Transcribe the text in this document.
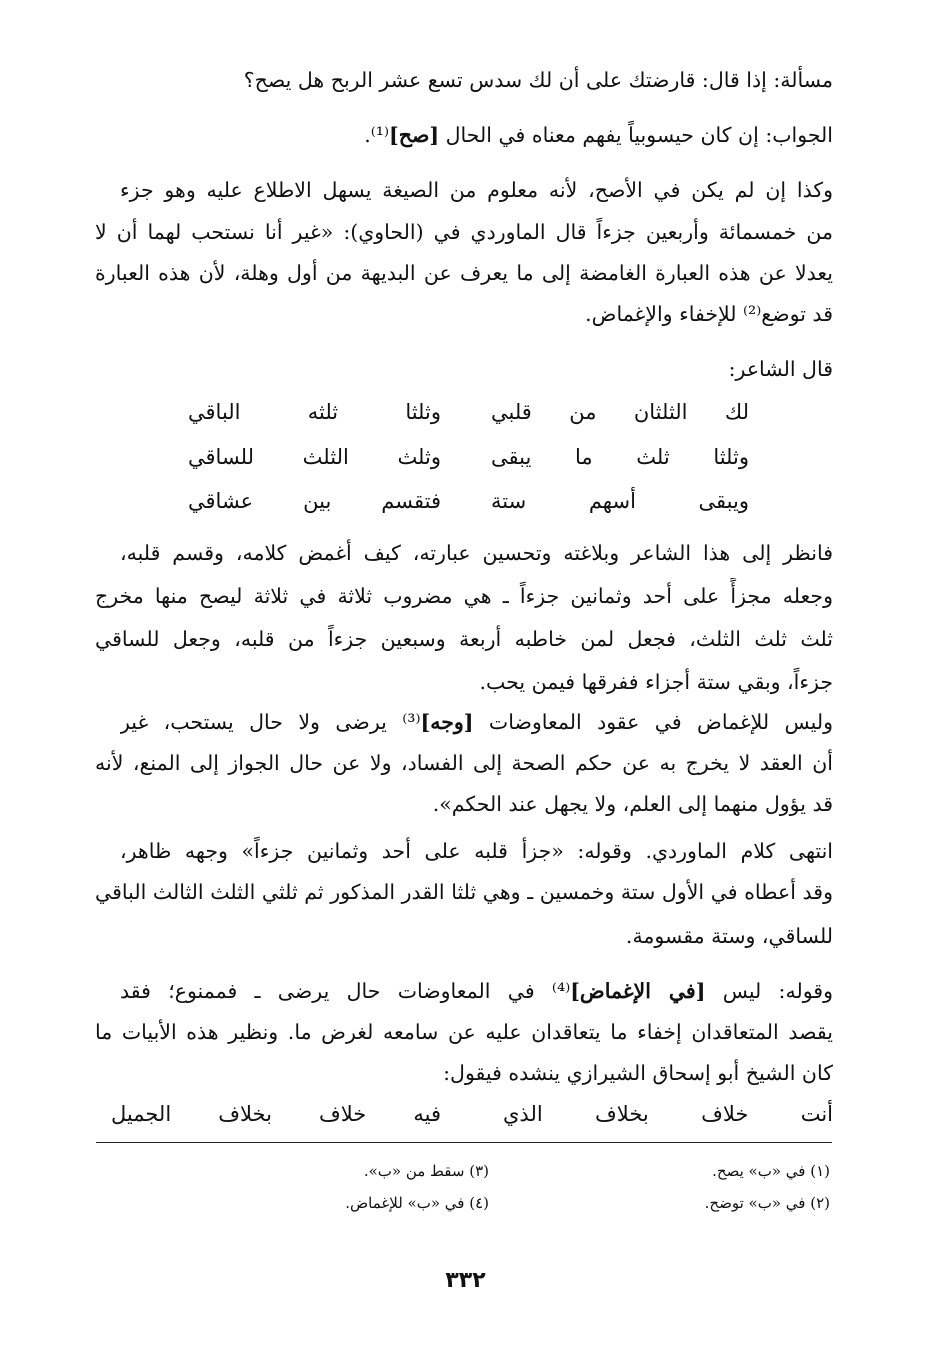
مسألة: إذا قال: قارضتك على أن لك سدس تسع عشر الربح هل يصح؟
الجواب: إن كان حيسوبياً يفهم معناه في الحال [صح]⁽¹⁾.
وكذا إن لم يكن في الأصح، لأنه معلوم من الصيغة يسهل الاطلاع عليه وهو جزء
من خمسمائة وأربعين جزءاً قال الماوردي في (الحاوي): «غير أنا نستحب لهما أن لا
يعدلا عن هذه العبارة الغامضة إلى ما يعرف عن البديهة من أول وهلة، لأن هذه العبارة
قد توضع⁽²⁾ للإخفاء والإغماض.
قال الشاعر:
لك الثلثان من قلبي
وثلثا ثلثه الباقي
وثلثا ثلث ما يبقى
وثلث الثلث للساقي
ويبقى أسهم ستة
فتقسم بين عشاقي
فانظر إلى هذا الشاعر وبلاغته وتحسين عبارته، كيف أغمض كلامه، وقسم قلبه،
وجعله مجزأً على أحد وثمانين جزءاً ـ هي مضروب ثلاثة في ثلاثة ليصح منها مخرج
ثلث ثلث الثلث، فجعل لمن خاطبه أربعة وسبعين جزءاً من قلبه، وجعل للساقي
جزءاً، وبقي ستة أجزاء ففرقها فيمن يحب.
وليس للإغماض في عقود المعاوضات [وجه]⁽³⁾ يرضى ولا حال يستحب، غير
أن العقد لا يخرج به عن حكم الصحة إلى الفساد، ولا عن حال الجواز إلى المنع، لأنه
قد يؤول منهما إلى العلم، ولا يجهل عند الحكم».
انتهى كلام الماوردي. وقوله: «جزأ قلبه على أحد وثمانين جزءاً» وجهه ظاهر،
وقد أعطاه في الأول ستة وخمسين ـ وهي ثلثا القدر المذكور ثم ثلثي الثلث الثالث الباقي
للساقي، وستة مقسومة.
وقوله: ليس [في الإغماض]⁽⁴⁾ في المعاوضات حال يرضى ـ فممنوع؛ فقد
يقصد المتعاقدان إخفاء ما يتعاقدان عليه عن سامعه لغرض ما. ونظير هذه الأبيات ما
كان الشيخ أبو إسحاق الشيرازي ينشده فيقول:
أنت خلاف بخلاف الذي
فيه خلاف بخلاف الجميل
(١) في «ب» يصح.
(٢) في «ب» توضح.
(٣) سقط من «ب».
(٤) في «ب» للإغماض.
٣٣٢
